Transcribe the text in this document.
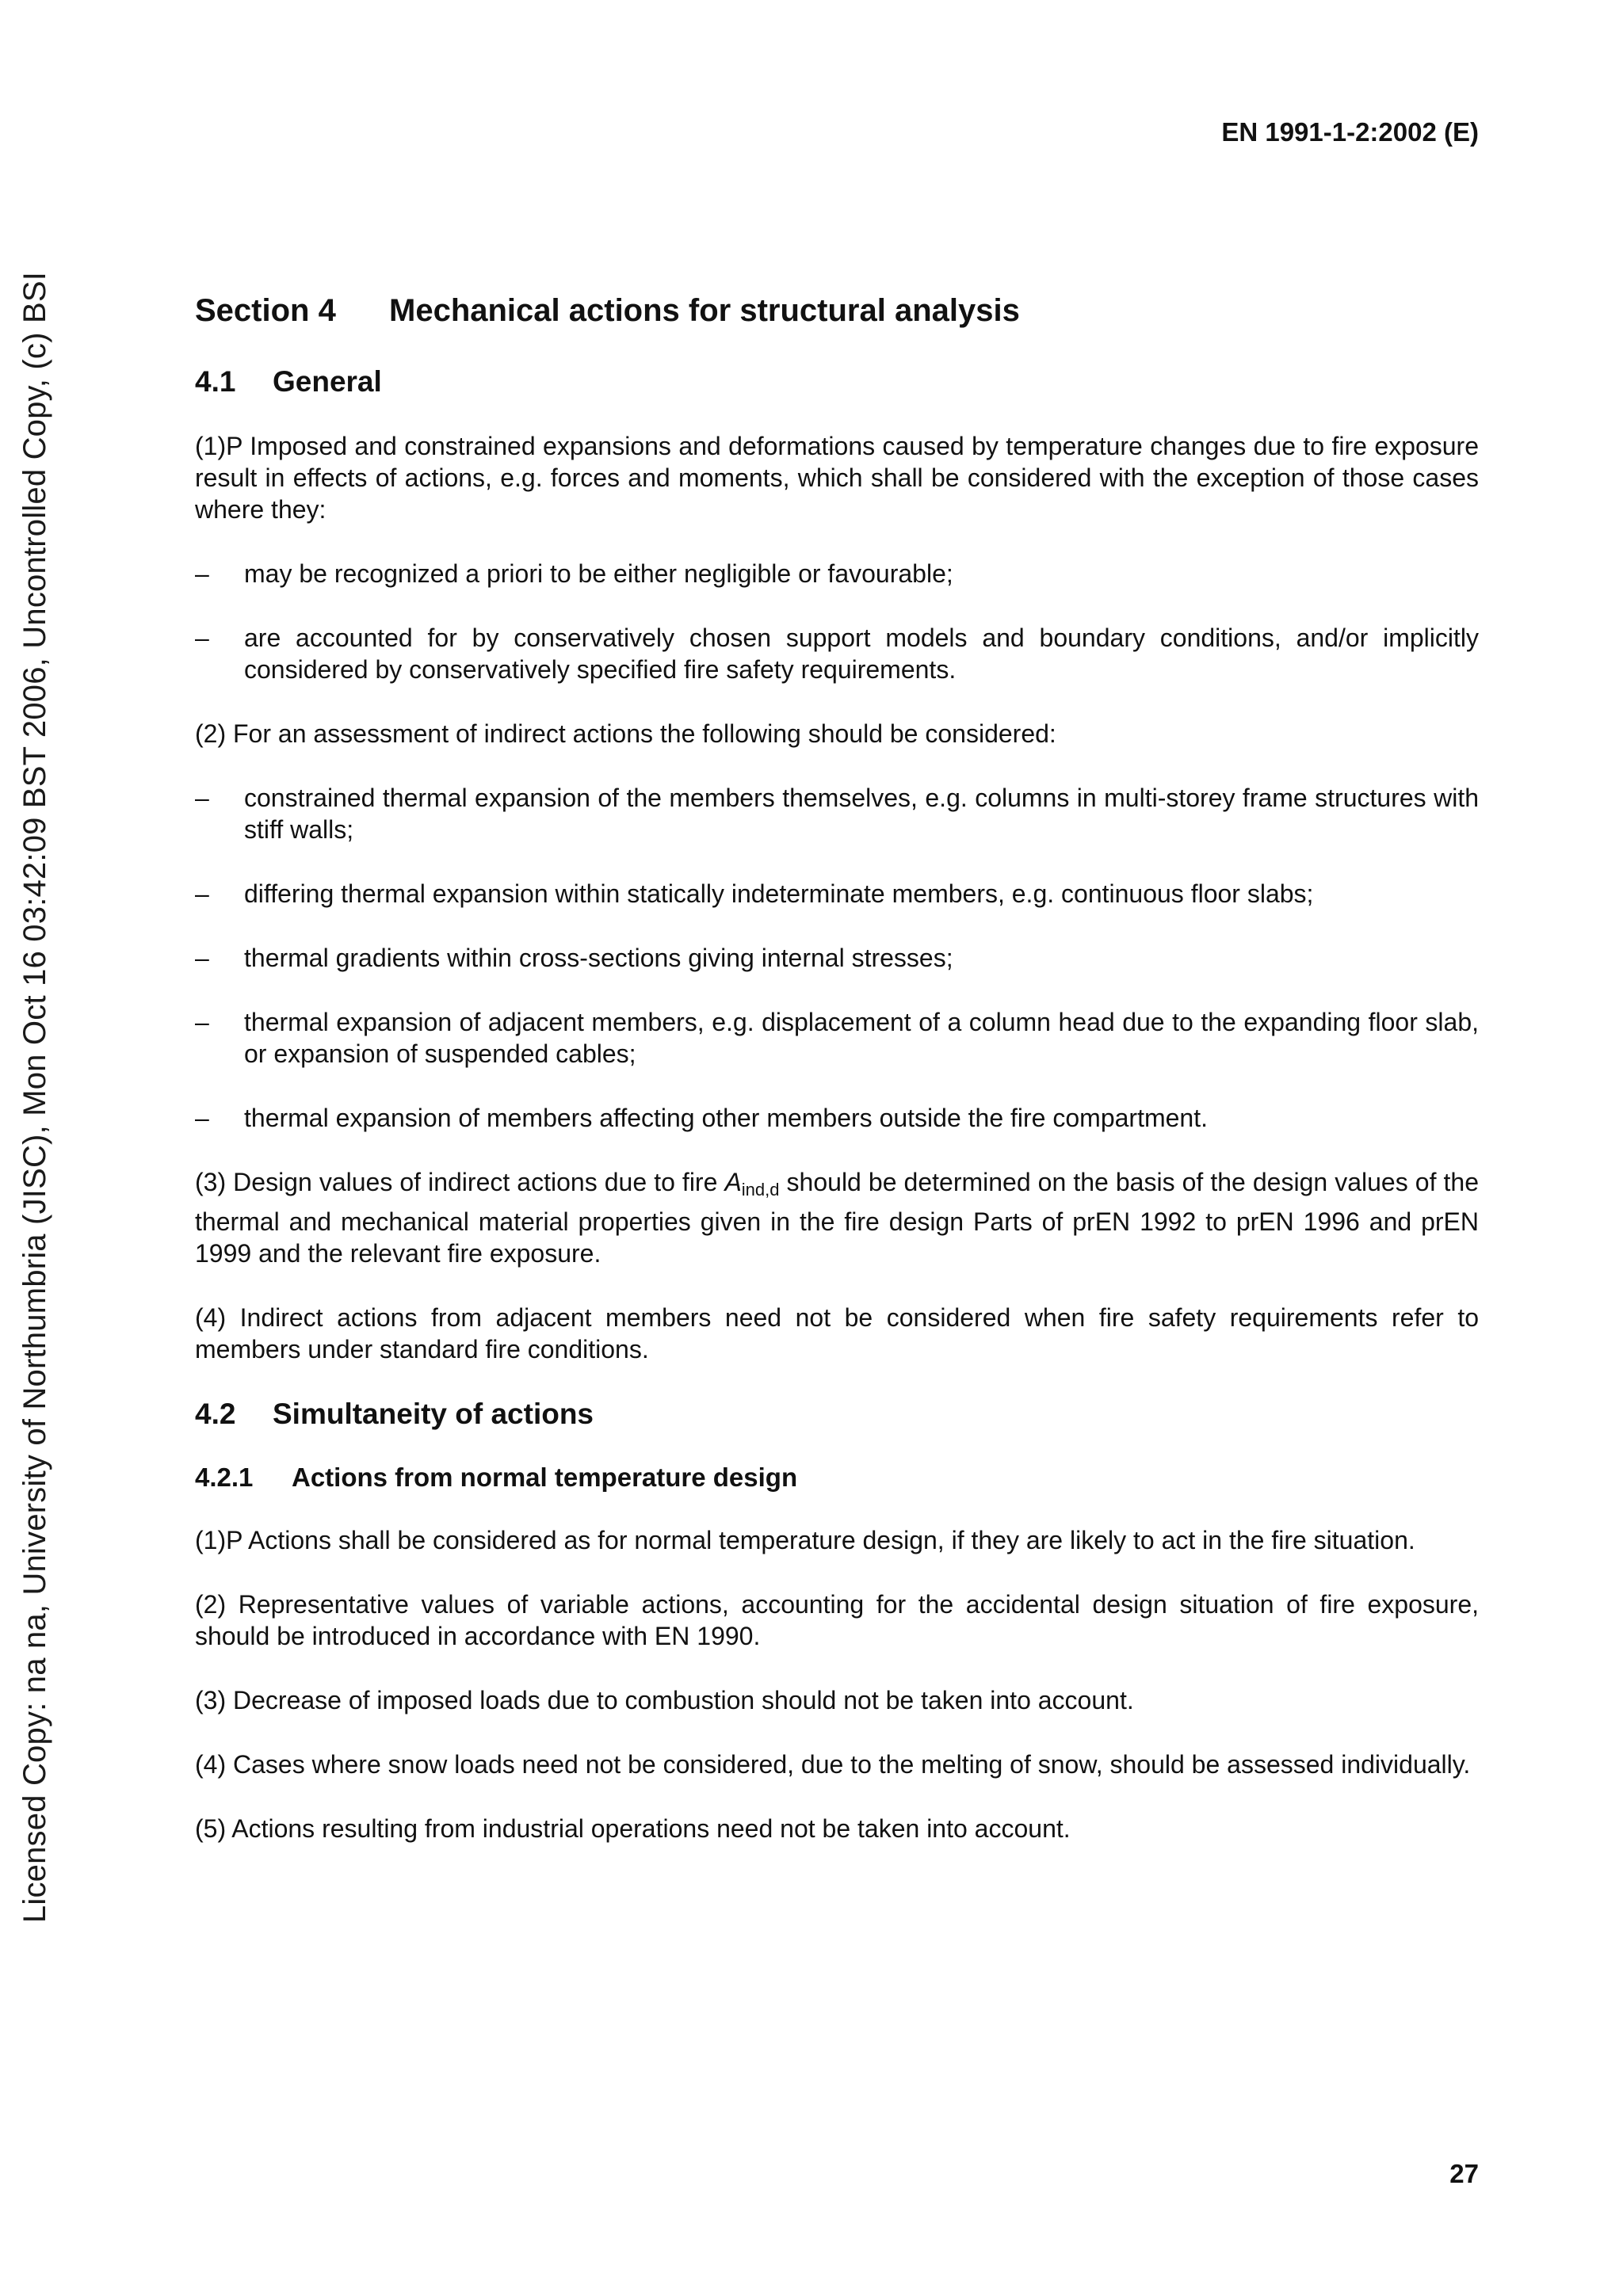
EN 1991-1-2:2002 (E)
Licensed Copy: na na, University of Northumbria (JISC), Mon Oct 16 03:42:09 BST 2006, Uncontrolled Copy, (c) BSI	Section 4	Mechanical actions for structural analysis
4.1	General

(1)P Imposed and constrained expansions and deformations caused by temperature changes due to fire exposure result in effects of actions, e.g. forces and moments, which shall be considered with the exception of those cases where they:

–	may be recognized a priori to be either negligible or favourable;
–	are accounted for by conservatively chosen support models and boundary conditions, and/or implicitly considered by conservatively specified fire safety requirements.

(2) For an assessment of indirect actions the following should be considered:

–	constrained thermal expansion of the members themselves, e.g. columns in multi-storey frame structures with stiff walls;
–	differing thermal expansion within statically indeterminate members, e.g. continuous floor slabs;
–	thermal gradients within cross-sections giving internal stresses;
–	thermal expansion of adjacent members, e.g. displacement of a column head due to the expanding floor slab, or expansion of suspended cables;
–	thermal expansion of members affecting other members outside the fire compartment.

(3) Design values of indirect actions due to fire $A_{ind,d}$ should be determined on the basis of the design values of the thermal and mechanical material properties given in the fire design Parts of prEN 1992 to prEN 1996 and prEN 1999 and the relevant fire exposure.

(4) Indirect actions from adjacent members need not be considered when fire safety requirements refer to members under standard fire conditions.

4.2	Simultaneity of actions
4.2.1	Actions from normal temperature design

(1)P Actions shall be considered as for normal temperature design, if they are likely to act in the fire situation.

(2) Representative values of variable actions, accounting for the accidental design situation of fire exposure, should be introduced in accordance with EN 1990.

(3) Decrease of imposed loads due to combustion should not be taken into account.

(4) Cases where snow loads need not be considered, due to the melting of snow, should be assessed individually.

(5) Actions resulting from industrial operations need not be taken into account.

27
